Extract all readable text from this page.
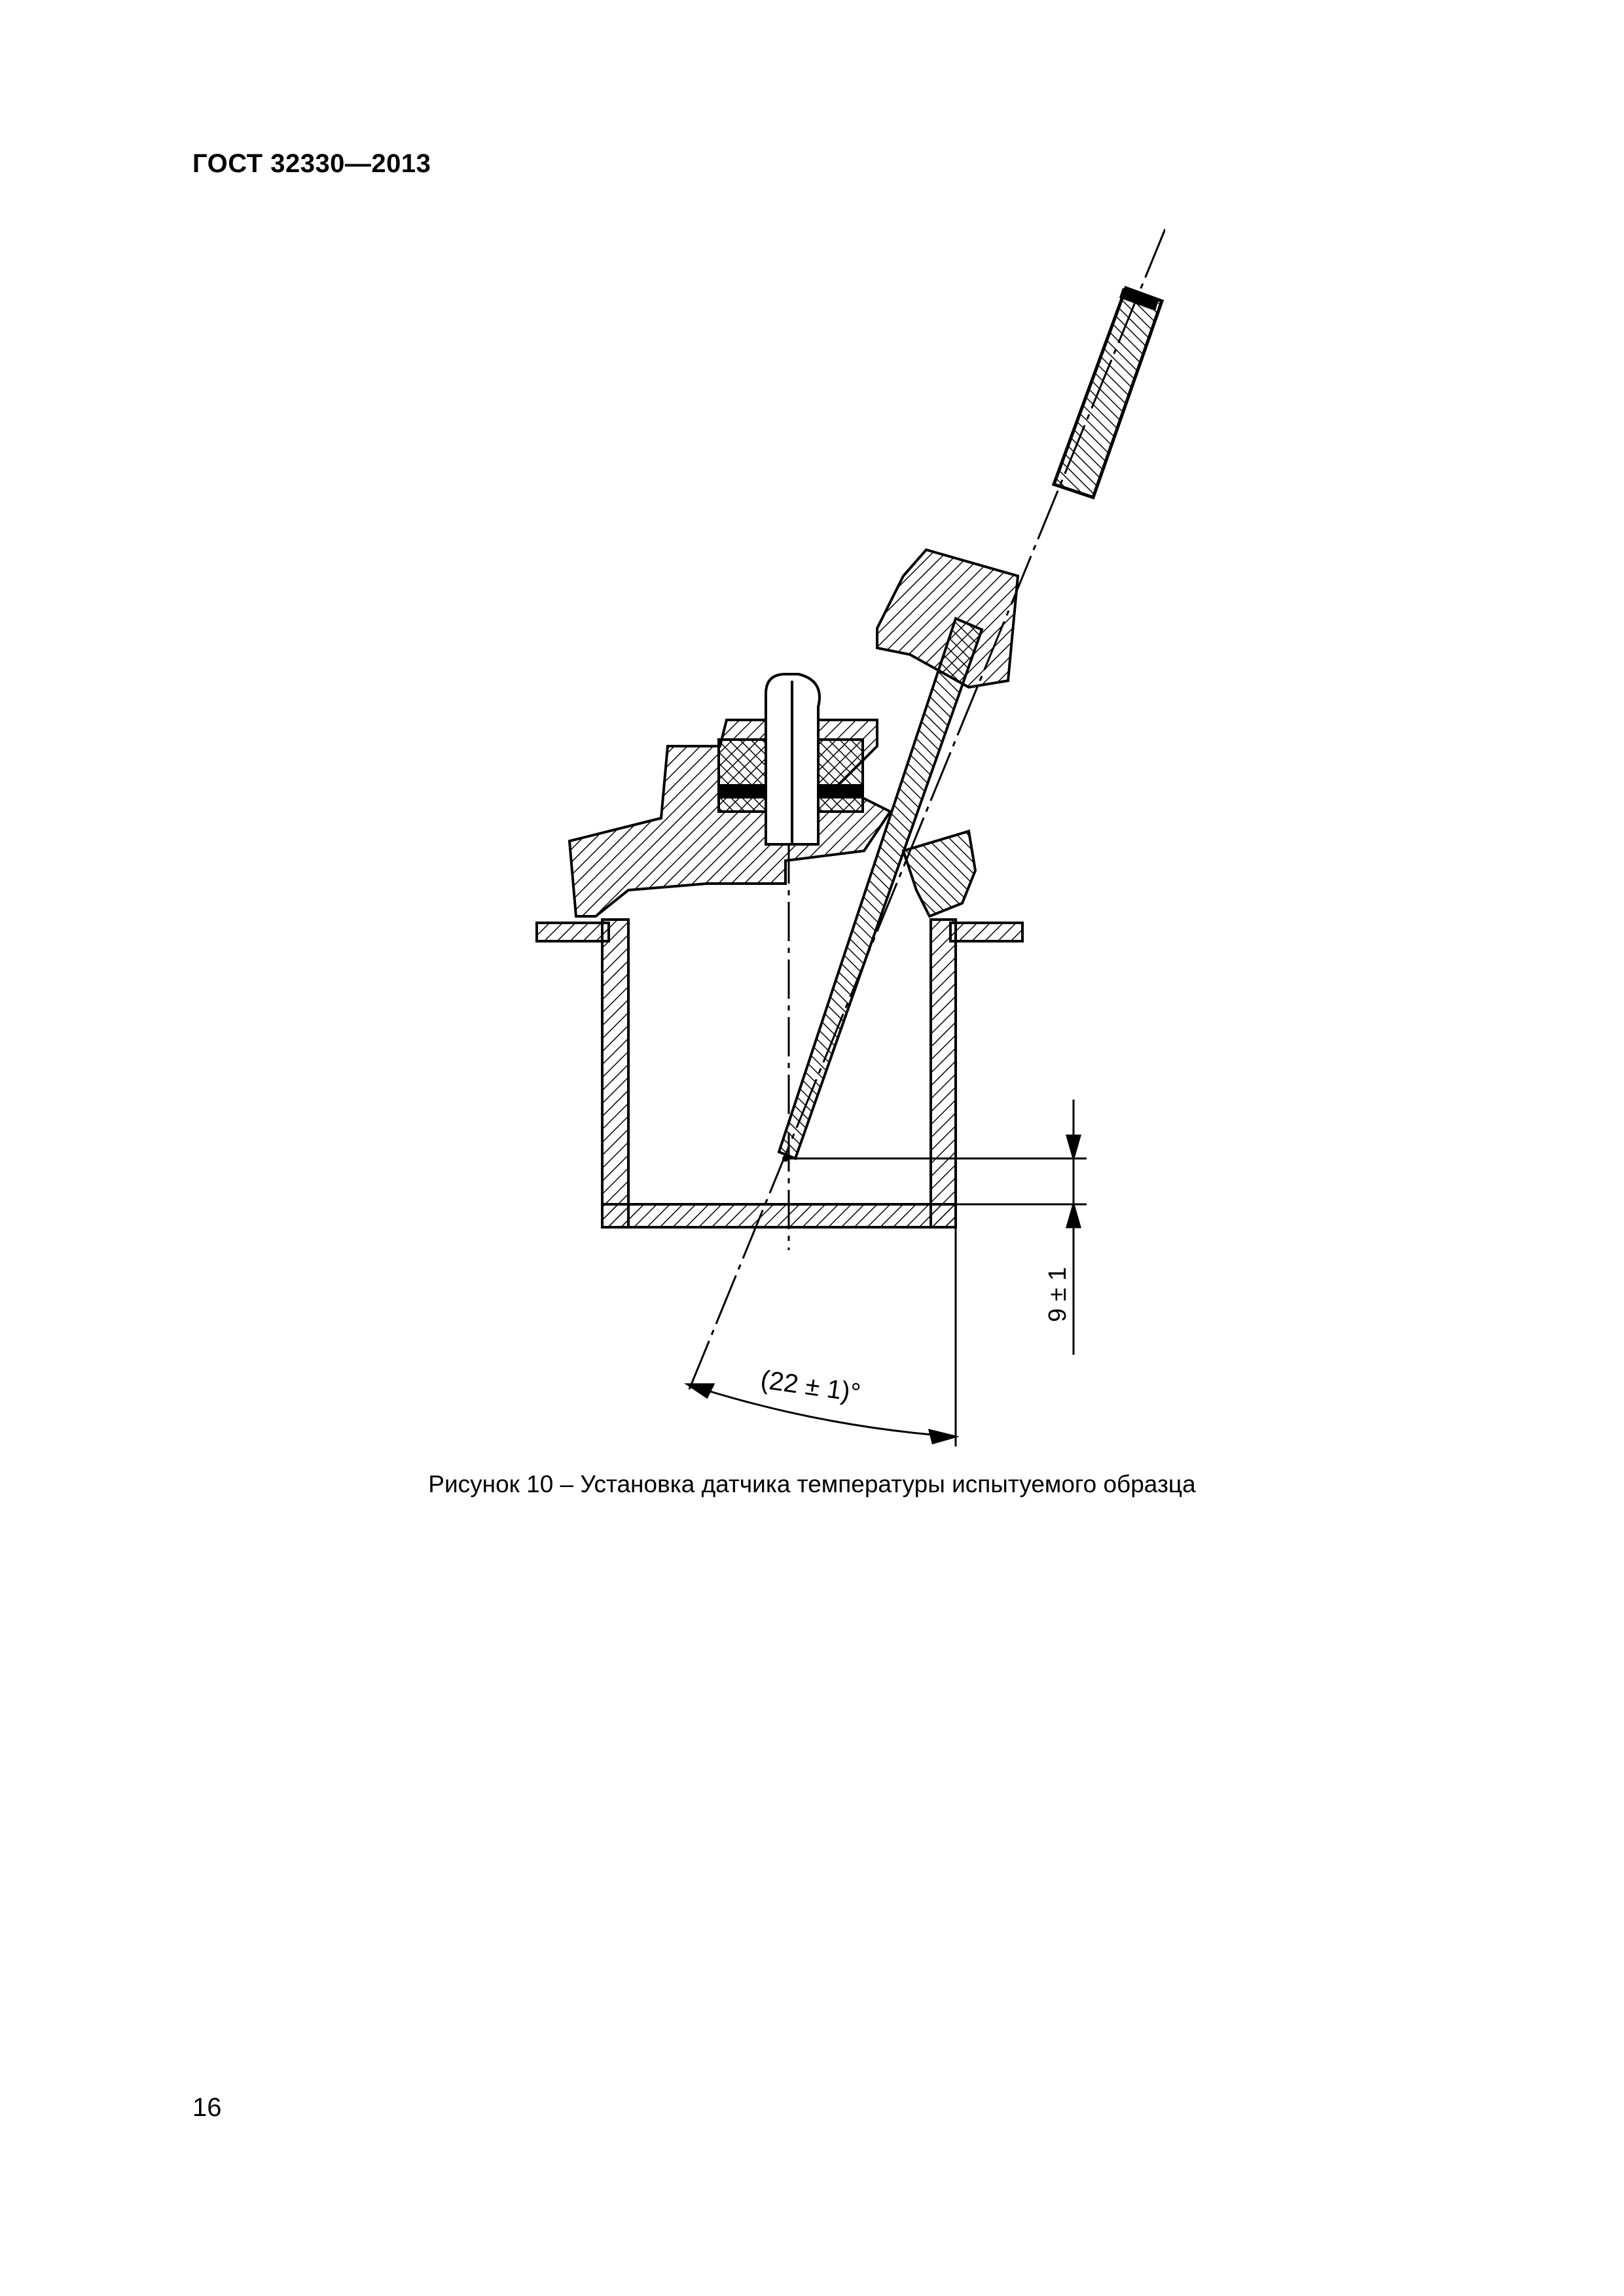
ГОСТ 32330—2013
9 ± 1
(22 ± 1)°
Рисунок 10 – Установка датчика температуры испытуемого образца
16
